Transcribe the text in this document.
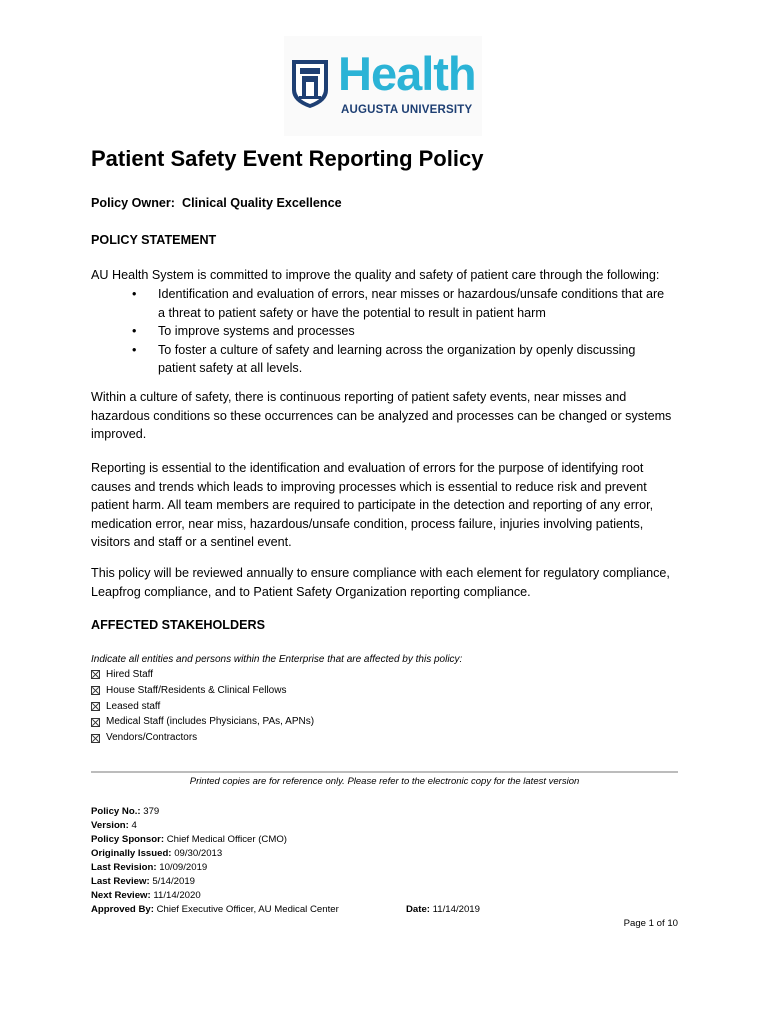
Health
AUGUSTA UNIVERSITY
Patient Safety Event Reporting Policy

Policy Owner: Clinical Quality Excellence

POLICY STATEMENT

AU Health System is committed to improve the quality and safety of patient care through the following:

• Identification and evaluation of errors, near misses or hazardous/unsafe conditions that are
a threat to patient safety or have the potential to result in patient harm
• To improve systems and processes
• To foster a culture of safety and learning across the organization by openly discussing
patient safety at all levels.

Within a culture of safety, there is continuous reporting of patient safety events, near misses and
hazardous conditions so these occurrences can be analyzed and processes can be changed or systems
improved.

Reporting is essential to the identification and evaluation of errors for the purpose of identifying root
causes and trends which leads to improving processes which is essential to reduce risk and prevent
patient harm. All team members are required to participate in the detection and reporting of any error,
medication error, near miss, hazardous/unsafe condition, process failure, injuries involving patients,
visitors and staff or a sentinel event.

This policy will be reviewed annually to ensure compliance with each element for regulatory compliance,
Leapfrog compliance, and to Patient Safety Organization reporting compliance.

AFFECTED STAKEHOLDERS

Indicate all entities and persons within the Enterprise that are affected by this policy:

Hired Staff
House Staff/Residents & Clinical Fellows
Leased staff
Medical Staff (includes Physicians, PAs, APNs)
Vendors/Contractors
Printed copies are for reference only. Please refer to the electronic copy for the latest version
Policy No.: 379
Version: 4
Policy Sponsor: Chief Medical Officer (CMO)
Originally Issued: 09/30/2013
Last Revision: 10/09/2019
Last Review: 5/14/2019
Next Review: 11/14/2020
Approved By: Chief Executive Officer, AU Medical Center	Date: 11/14/2019
Page 1 of 10
